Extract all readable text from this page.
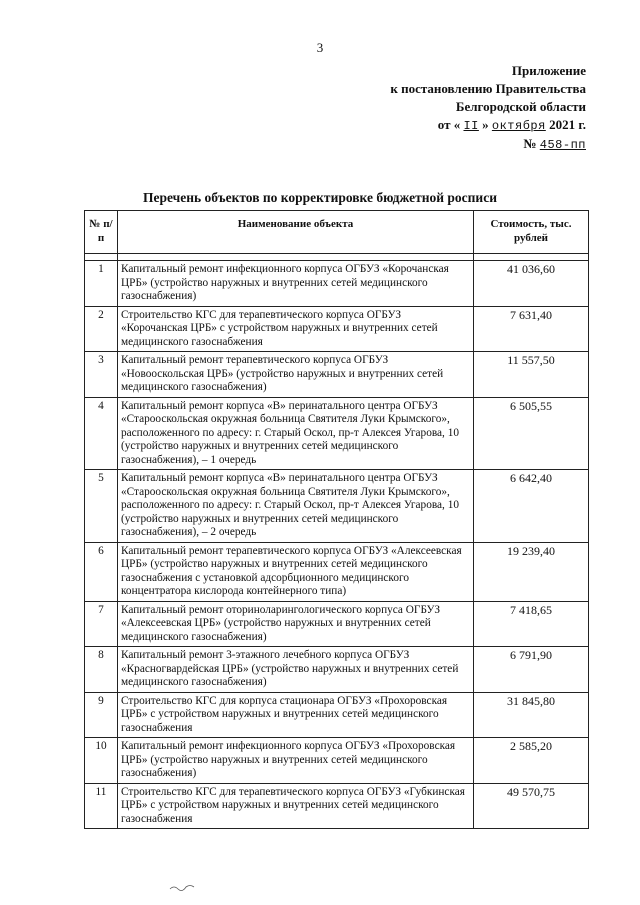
3
Приложение
к постановлению Правительства
Белгородской области
от « II » октября 2021 г.
№ 458-пп
Перечень объектов по корректировке бюджетной росписи
№ п/п	Наименование объекта	Стоимость, тыс. рублей

1	Капитальный ремонт инфекционного корпуса ОГБУЗ «Корочанская ЦРБ» (устройство наружных и внутренних сетей медицинского газоснабжения)	41 036,60
2	Строительство КГС для терапевтического корпуса ОГБУЗ «Корочанская ЦРБ» с устройством наружных и внутренних сетей медицинского газоснабжения	7 631,40
3	Капитальный ремонт терапевтического корпуса ОГБУЗ «Новооскольская ЦРБ» (устройство наружных и внутренних сетей медицинского газоснабжения)	11 557,50
4	Капитальный ремонт корпуса «В» перинатального центра ОГБУЗ «Старооскольская окружная больница Святителя Луки Крымского», расположенного по адресу: г. Старый Оскол, пр-т Алексея Угарова, 10 (устройство наружных и внутренних сетей медицинского газоснабжения), – 1 очередь	6 505,55
5	Капитальный ремонт корпуса «В» перинатального центра ОГБУЗ «Старооскольская окружная больница Святителя Луки Крымского», расположенного по адресу: г. Старый Оскол, пр-т Алексея Угарова, 10 (устройство наружных и внутренних сетей медицинского газоснабжения), – 2 очередь	6 642,40
6	Капитальный ремонт терапевтического корпуса ОГБУЗ «Алексеевская ЦРБ» (устройство наружных и внутренних сетей медицинского газоснабжения с установкой адсорбционного медицинского концентратора кислорода контейнерного типа)	19 239,40
7	Капитальный ремонт оториноларингологического корпуса ОГБУЗ «Алексеевская ЦРБ» (устройство наружных и внутренних сетей медицинского газоснабжения)	7 418,65
8	Капитальный ремонт 3-этажного лечебного корпуса ОГБУЗ «Красногвардейская ЦРБ» (устройство наружных и внутренних сетей медицинского газоснабжения)	6 791,90
9	Строительство КГС для корпуса стационара ОГБУЗ «Прохоровская ЦРБ» с устройством наружных и внутренних сетей медицинского газоснабжения	31 845,80
10	Капитальный ремонт инфекционного корпуса ОГБУЗ «Прохоровская ЦРБ» (устройство наружных и внутренних сетей медицинского газоснабжения)	2 585,20
11	Строительство КГС для терапевтического корпуса ОГБУЗ «Губкинская ЦРБ» с устройством наружных и внутренних сетей медицинского газоснабжения	49 570,75
